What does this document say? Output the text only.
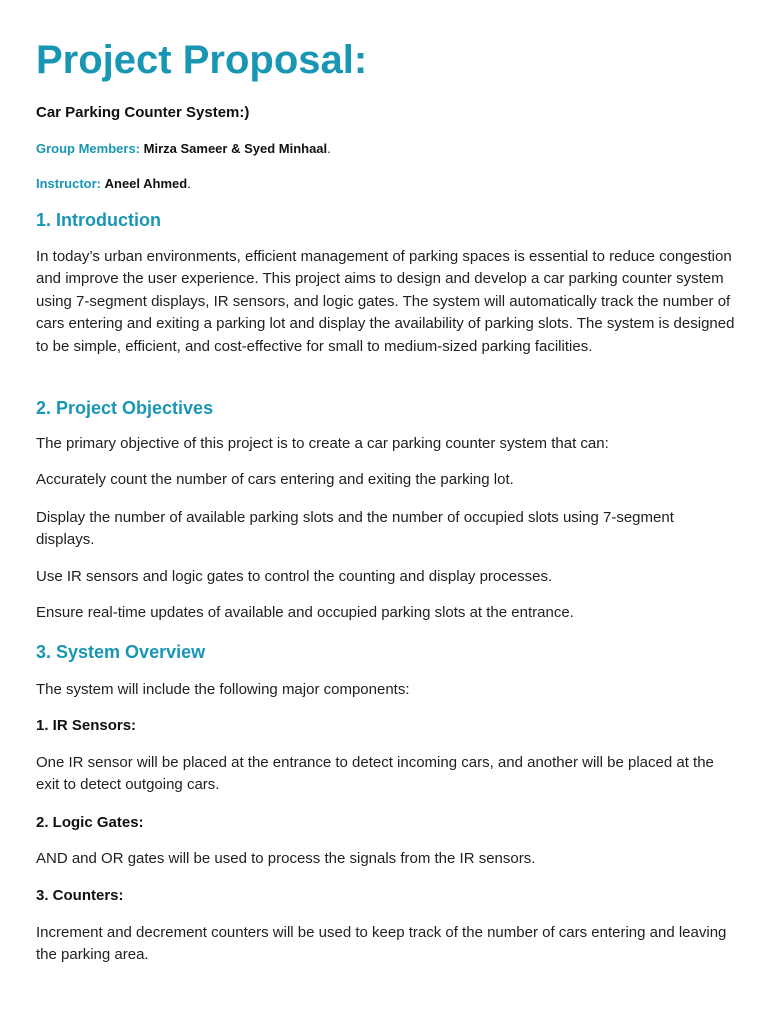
Project Proposal:

Car Parking Counter System:)

Group Members: Mirza Sameer & Syed Minhaal.

Instructor: Aneel Ahmed.

1. Introduction

In today’s urban environments, efficient management of parking spaces is essential to reduce congestion and improve the user experience. This project aims to design and develop a car parking counter system using 7-segment displays, IR sensors, and logic gates. The system will automatically track the number of cars entering and exiting a parking lot and display the availability of parking slots. The system is designed to be simple, efficient, and cost-effective for small to medium-sized parking facilities.

2. Project Objectives

The primary objective of this project is to create a car parking counter system that can:

Accurately count the number of cars entering and exiting the parking lot.

Display the number of available parking slots and the number of occupied slots using 7-segment displays.

Use IR sensors and logic gates to control the counting and display processes.

Ensure real-time updates of available and occupied parking slots at the entrance.

3. System Overview

The system will include the following major components:

1. IR Sensors:

One IR sensor will be placed at the entrance to detect incoming cars, and another will be placed at the exit to detect outgoing cars.

2. Logic Gates:

AND and OR gates will be used to process the signals from the IR sensors.

3. Counters:

Increment and decrement counters will be used to keep track of the number of cars entering and leaving the parking area.
